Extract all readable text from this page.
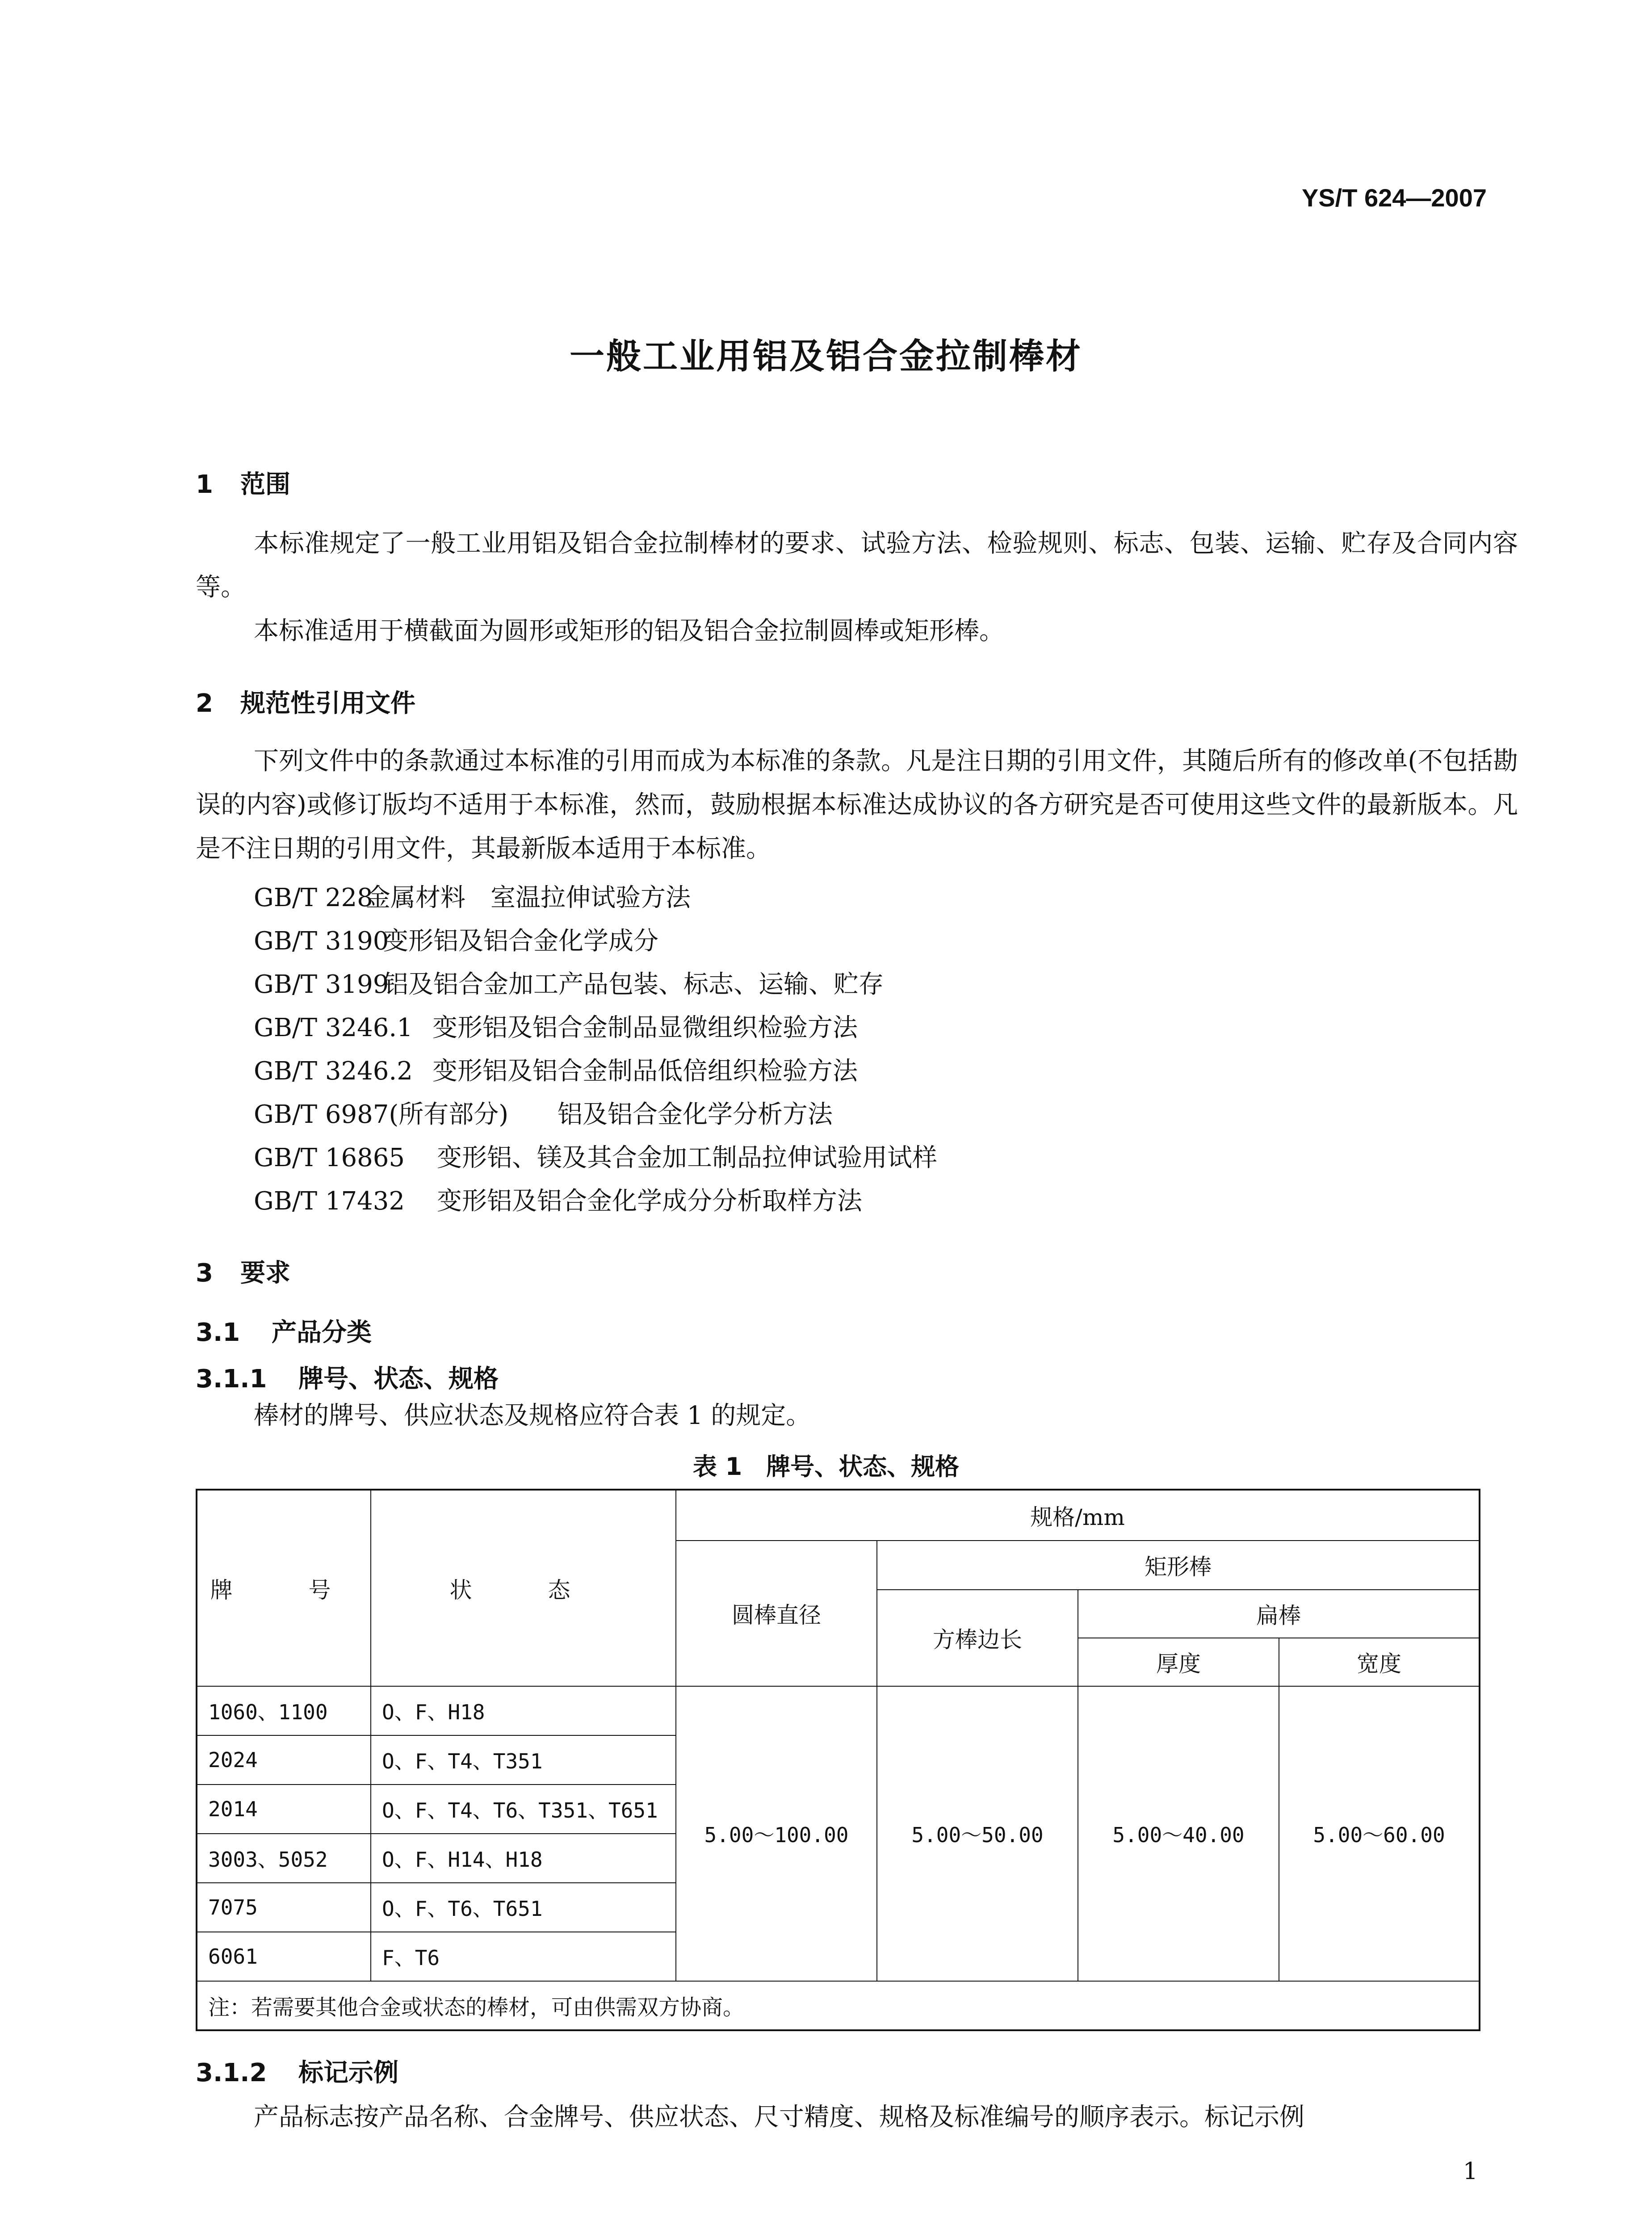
YS/T 624—2007
一般工业用铝及铝合金拉制棒材
1 范围

本标准规定了一般工业用铝及铝合金拉制棒材的要求、试验方法、检验规则、标志、包装、运输、贮存及合同内容等。

本标准适用于横截面为圆形或矩形的铝及铝合金拉制圆棒或矩形棒。

2 规范性引用文件

下列文件中的条款通过本标准的引用而成为本标准的条款。凡是注日期的引用文件，其随后所有的修改单(不包括勘误的内容)或修订版均不适用于本标准，然而，鼓励根据本标准达成协议的各方研究是否可使用这些文件的最新版本。凡是不注日期的引用文件，其最新版本适用于本标准。

GB/T 228金属材料　室温拉伸试验方法
GB/T 3190变形铝及铝合金化学成分
GB/T 3199铝及铝合金加工产品包装、标志、运输、贮存
GB/T 3246.1 变形铝及铝合金制品显微组织检验方法
GB/T 3246.2 变形铝及铝合金制品低倍组织检验方法
GB/T 6987(所有部分) 铝及铝合金化学分析方法
GB/T 16865 变形铝、镁及其合金加工制品拉伸试验用试样
GB/T 17432 变形铝及铝合金化学成分分析取样方法
3 要求
3.1 产品分类
3.1.1 牌号、状态、规格
棒材的牌号、供应状态及规格应符合表 1 的规定。
表 1　牌号、状态、规格
牌　号	状　态	规格/mm			
		圆棒直径	矩形棒		
			方棒边长	扁棒	
				厚度	宽度
1060、1100	O、F、H18	5.00～100.00	5.00～50.00	5.00～40.00	5.00～60.00
2024	O、F、T4、T351				
2014	O、F、T4、T6、T351、T651				
3003、5052	O、F、H14、H18				
7075	O、F、T6、T651				
6061	F、T6				
注：若需要其他合金或状态的棒材，可由供需双方协商。					
3.1.2 标记示例
产品标志按产品名称、合金牌号、供应状态、尺寸精度、规格及标准编号的顺序表示。标记示例
1
